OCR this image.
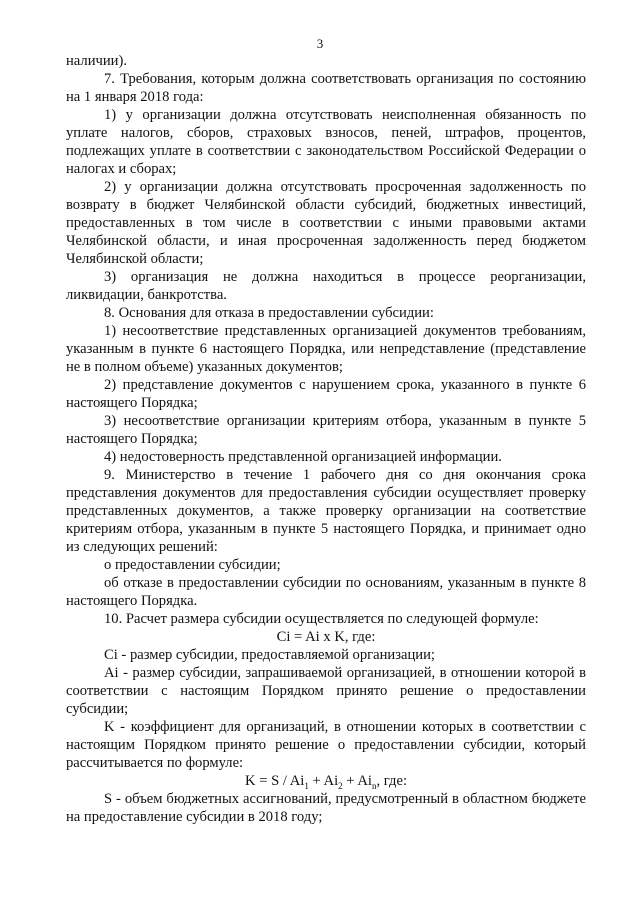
3

наличии).

7. Требования, которым должна соответствовать организация по состоянию на 1 января 2018 года:

1) у организации должна отсутствовать неисполненная обязанность по уплате налогов, сборов, страховых взносов, пеней, штрафов, процентов, подлежащих уплате в соответствии с законодательством Российской Федерации о налогах и сборах;

2) у организации должна отсутствовать просроченная задолженность по возврату в бюджет Челябинской области субсидий, бюджетных инвестиций, предоставленных в том числе в соответствии с иными правовыми актами Челябинской области, и иная просроченная задолженность перед бюджетом Челябинской области;

3) организация не должна находиться в процессе реорганизации, ликвидации, банкротства.

8. Основания для отказа в предоставлении субсидии:

1) несоответствие представленных организацией документов требованиям, указанным в пункте 6 настоящего Порядка, или непредставление (представление не в полном объеме) указанных документов;

2) представление документов с нарушением срока, указанного в пункте 6 настоящего Порядка;

3) несоответствие организации критериям отбора, указанным в пункте 5 настоящего Порядка;

4) недостоверность представленной организацией информации.

9. Министерство в течение 1 рабочего дня со дня окончания срока представления документов для предоставления субсидии осуществляет проверку представленных документов, а также проверку организации на соответствие критериям отбора, указанным в пункте 5 настоящего Порядка, и принимает одно из следующих решений:

о предоставлении субсидии;

об отказе в предоставлении субсидии по основаниям, указанным в пункте 8 настоящего Порядка.

10. Расчет размера субсидии осуществляется по следующей формуле:

Ci = Ai x K, где:

Ci - размер субсидии, предоставляемой организации;

Ai - размер субсидии, запрашиваемой организацией, в отношении которой в соответствии с настоящим Порядком принято решение о предоставлении субсидии;

K - коэффициент для организаций, в отношении которых в соответствии с настоящим Порядком принято решение о предоставлении субсидии, который рассчитывается по формуле:

$K = S / Ai_1 + Ai_2 + Ai_n$, где:

S - объем бюджетных ассигнований, предусмотренный в областном бюджете на предоставление субсидии в 2018 году;
